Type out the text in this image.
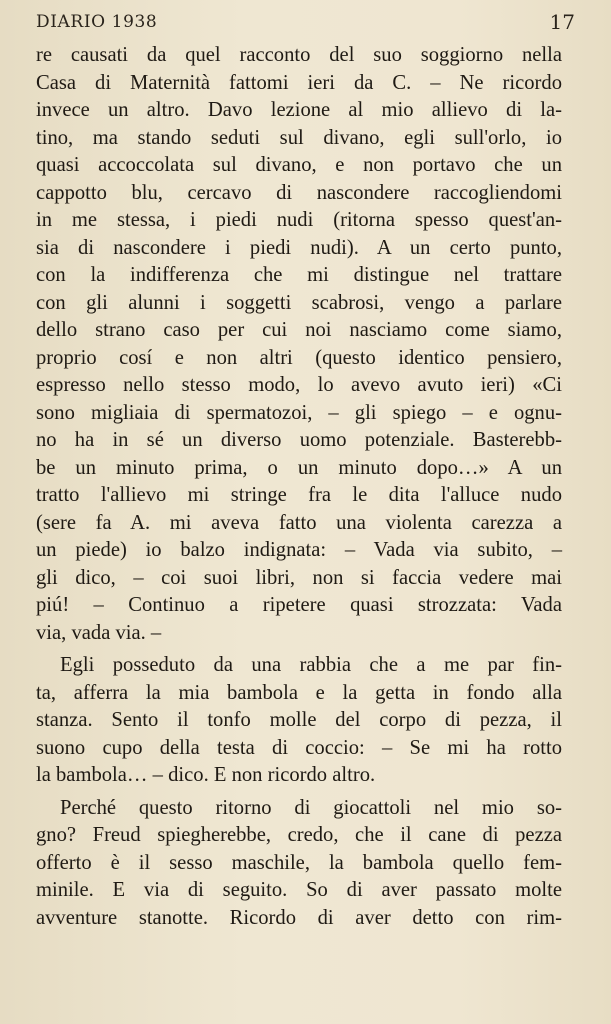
DIARIO 1938	17
re causati da quel racconto del suo soggiorno nella
Casa di Maternità fattomi ieri da C. – Ne ricordo
invece un altro. Davo lezione al mio allievo di la-
tino, ma stando seduti sul divano, egli sull'orlo, io
quasi accoccolata sul divano, e non portavo che un
cappotto blu, cercavo di nascondere raccogliendomi
in me stessa, i piedi nudi (ritorna spesso quest'an-
sia di nascondere i piedi nudi). A un certo punto,
con la indifferenza che mi distingue nel trattare
con gli alunni i soggetti scabrosi, vengo a parlare
dello strano caso per cui noi nasciamo come siamo,
proprio cosí e non altri (questo identico pensiero,
espresso nello stesso modo, lo avevo avuto ieri) «Ci
sono migliaia di spermatozoi, – gli spiego – e ognu-
no ha in sé un diverso uomo potenziale. Basterebb-
be un minuto prima, o un minuto dopo…» A un
tratto l'allievo mi stringe fra le dita l'alluce nudo
(sere fa A. mi aveva fatto una violenta carezza a
un piede) io balzo indignata: – Vada via subito, –
gli dico, – coi suoi libri, non si faccia vedere mai
piú! – Continuo a ripetere quasi strozzata: Vada
via, vada via. –
Egli posseduto da una rabbia che a me par fin-
ta, afferra la mia bambola e la getta in fondo alla
stanza. Sento il tonfo molle del corpo di pezza, il
suono cupo della testa di coccio: – Se mi ha rotto
la bambola… – dico. E non ricordo altro.
Perché questo ritorno di giocattoli nel mio so-
gno? Freud spiegherebbe, credo, che il cane di pezza
offerto è il sesso maschile, la bambola quello fem-
minile. E via di seguito. So di aver passato molte
avventure stanotte. Ricordo di aver detto con rim-
